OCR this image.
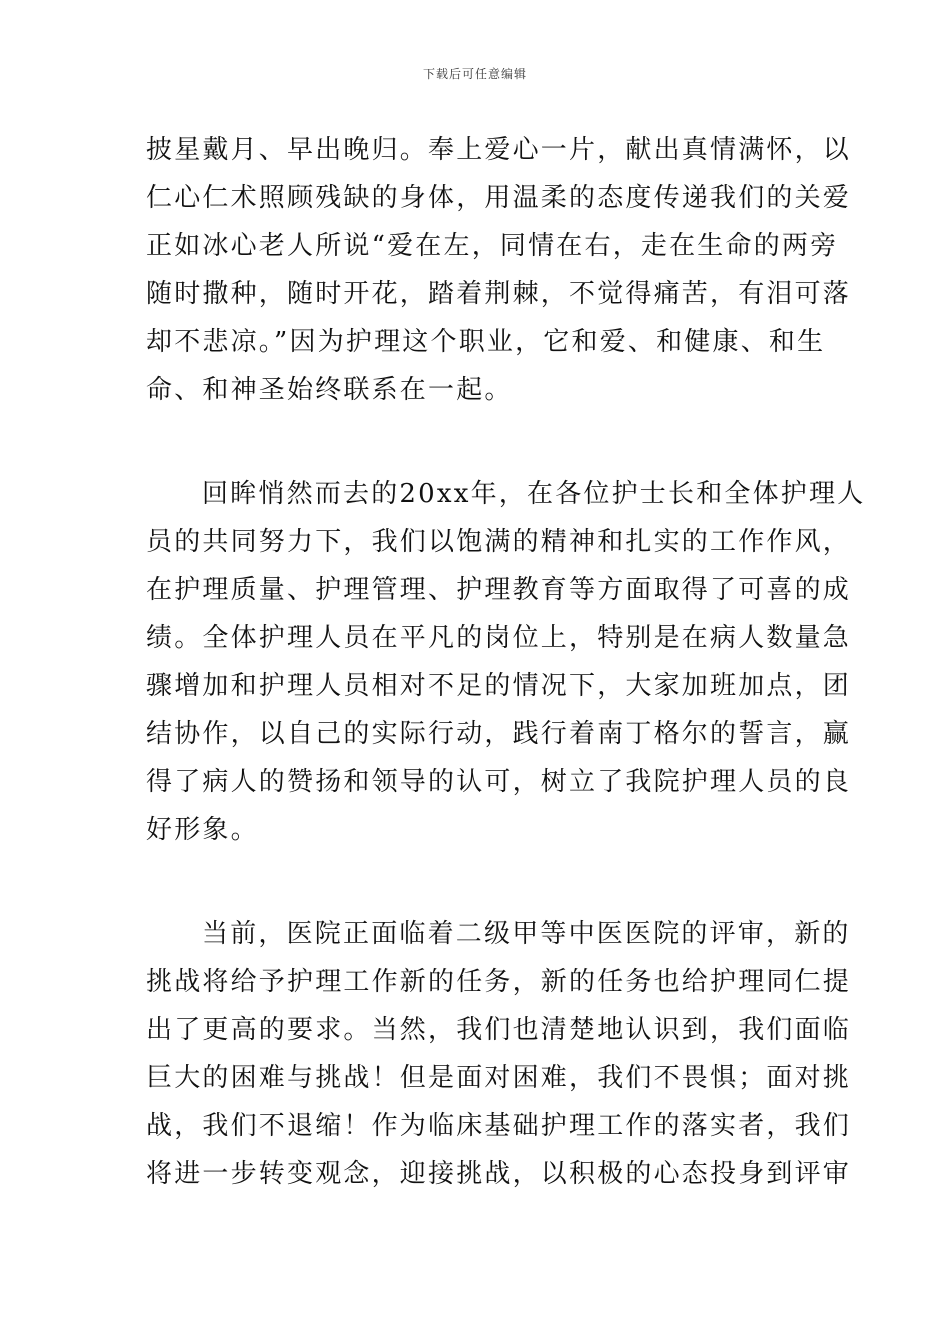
下载后可任意编辑

披星戴月、早出晚归。奉上爱心一片，献出真情满怀，以
仁心仁术照顾残缺的身体，用温柔的态度传递我们的关爱
正如冰心老人所说“爱在左，同情在右，走在生命的两旁
随时撒种，随时开花，踏着荆棘，不觉得痛苦，有泪可落
却不悲凉。”因为护理这个职业，它和爱、和健康、和生
命、和神圣始终联系在一起。

回眸悄然而去的20xx年，在各位护士长和全体护理人
员的共同努力下，我们以饱满的精神和扎实的工作作风，
在护理质量、护理管理、护理教育等方面取得了可喜的成
绩。全体护理人员在平凡的岗位上，特别是在病人数量急
骤增加和护理人员相对不足的情况下，大家加班加点，团
结协作，以自己的实际行动，践行着南丁格尔的誓言，赢
得了病人的赞扬和领导的认可，树立了我院护理人员的良
好形象。

当前，医院正面临着二级甲等中医医院的评审，新的
挑战将给予护理工作新的任务，新的任务也给护理同仁提
出了更高的要求。当然，我们也清楚地认识到，我们面临
巨大的困难与挑战！但是面对困难，我们不畏惧；面对挑
战，我们不退缩！作为临床基础护理工作的落实者，我们
将进一步转变观念，迎接挑战，以积极的心态投身到评审
